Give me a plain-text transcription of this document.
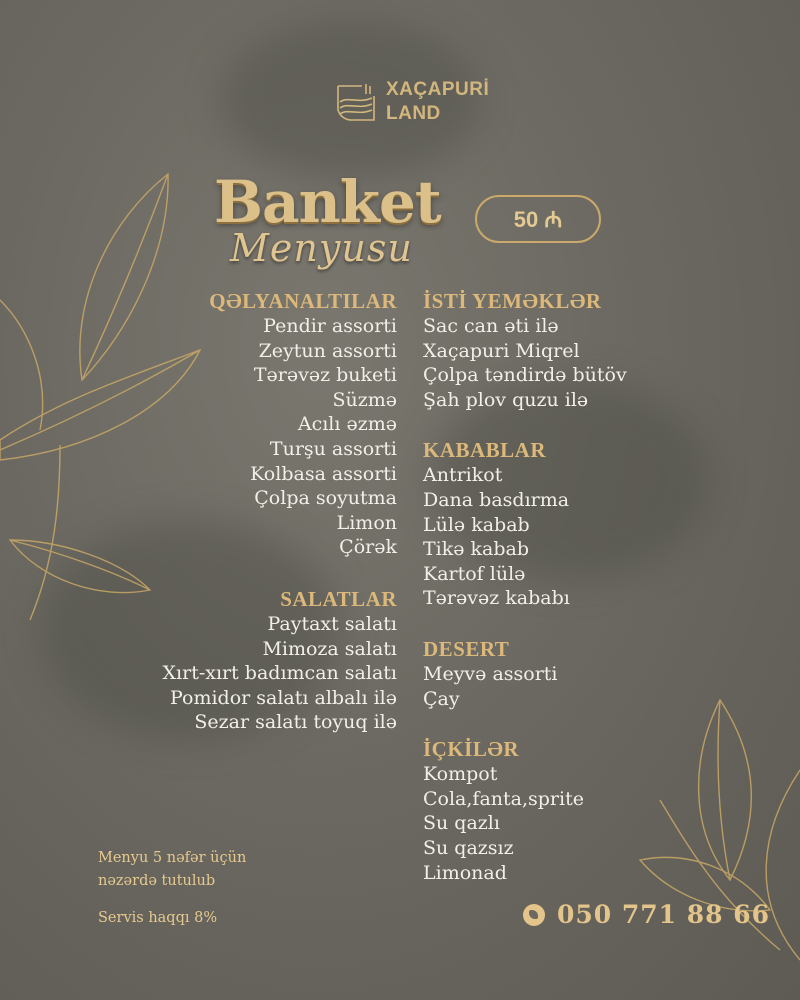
XAÇAPURİ
LAND
Banket
Menyusu
50 ₼
QƏLYANALTILAR
Pendir assorti
Zeytun assorti
Tərəvəz buketi
Süzmə
Acılı əzmə
Turşu assorti
Kolbasa assorti
Çolpa soyutma
Limon
Çörək
SALATLAR
Paytaxt salatı
Mimoza salatı
Xırt-xırt badımcan salatı
Pomidor salatı albalı ilə
Sezar salatı toyuq ilə
İSTİ YEMƏKLƏR
Sac can əti ilə
Xaçapuri Miqrel
Çolpa təndirdə bütöv
Şah plov quzu ilə
KABABLAR
Antrikot
Dana basdırma
Lülə kabab
Tikə kabab
Kartof lülə
Tərəvəz kababı
DESERT
Meyvə assorti
Çay
İÇKİLƏR
Kompot
Cola,fanta,sprite
Su qazlı
Su qazsız
Limonad
Menyu 5 nəfər üçün
nəzərdə tutulub
Servis haqqı 8%	050 771 88 66
